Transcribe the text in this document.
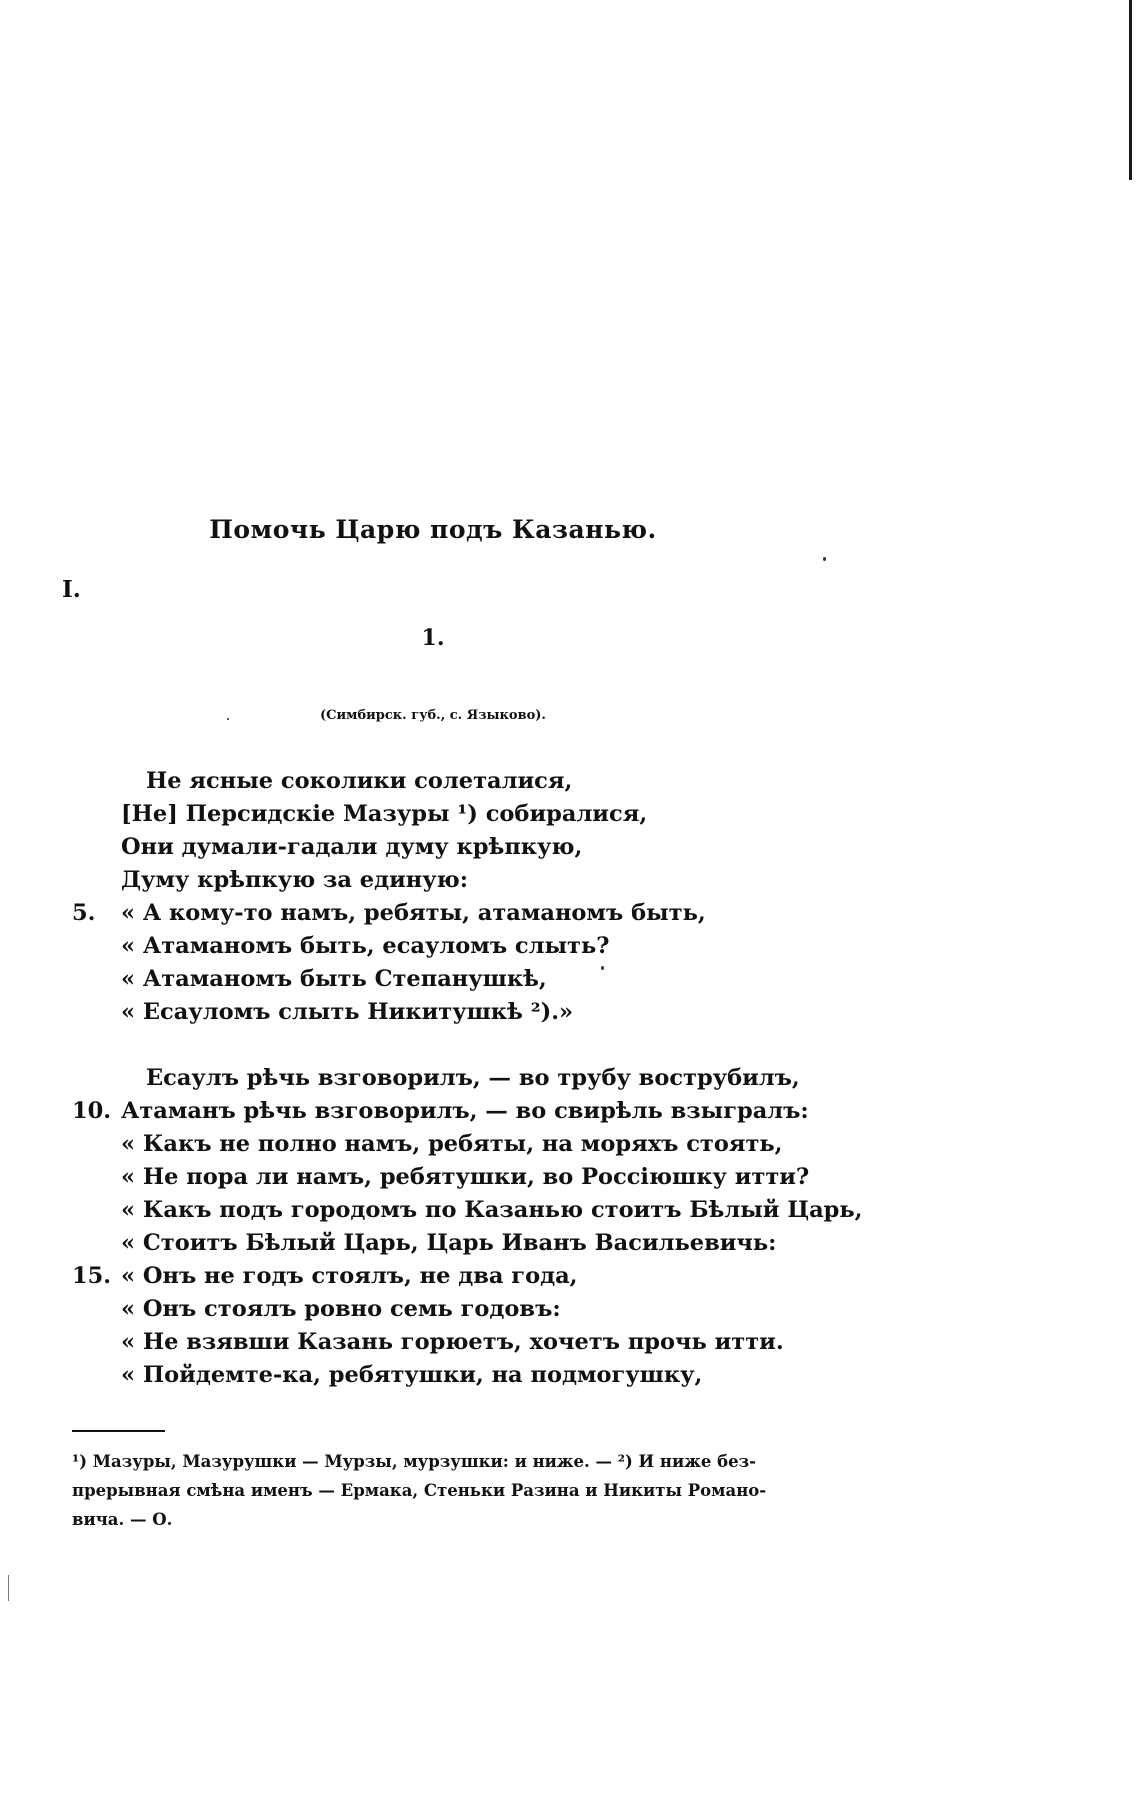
Помочь Царю подъ Казанью.
I.
1.
(Симбирск. губ., с. Языково).
Не ясные соколики солеталися,
[Не] Персидскіе Мазуры ¹) собиралися,
Они думали-гадали думу крѣпкую,
Думу крѣпкую за единую:
5.	« А кому-то намъ, ребяты, атаманомъ быть,
« Атаманомъ быть, есауломъ слыть?
« Атаманомъ быть Степанушкѣ,
« Есауломъ слыть Никитушкѣ ²).»
Есаулъ рѣчь взговорилъ, — во трубу вострубилъ,
10. Атаманъ рѣчь взговорилъ, — во свирѣль взыгралъ:
« Какъ не полно намъ, ребяты, на моряхъ стоять,
« Не пора ли намъ, ребятушки, во Россіюшку итти?
« Какъ подъ городомъ по Казанью стоитъ Бѣлый Царь,
« Стоитъ Бѣлый Царь, Царь Иванъ Васильевичь:
15. « Онъ не годъ стоялъ, не два года,
« Онъ стоялъ ровно семь годовъ:
« Не взявши Казань горюетъ, хочетъ прочь итти.
« Пойдемте-ка, ребятушки, на подмогушку,
¹) Мазуры, Мазурушки — Мурзы, мурзушки: и ниже. — ²) И ниже без-
прерывная смѣна именъ — Ермака, Стеньки Разина и Никиты Романо-
вича. — О.
